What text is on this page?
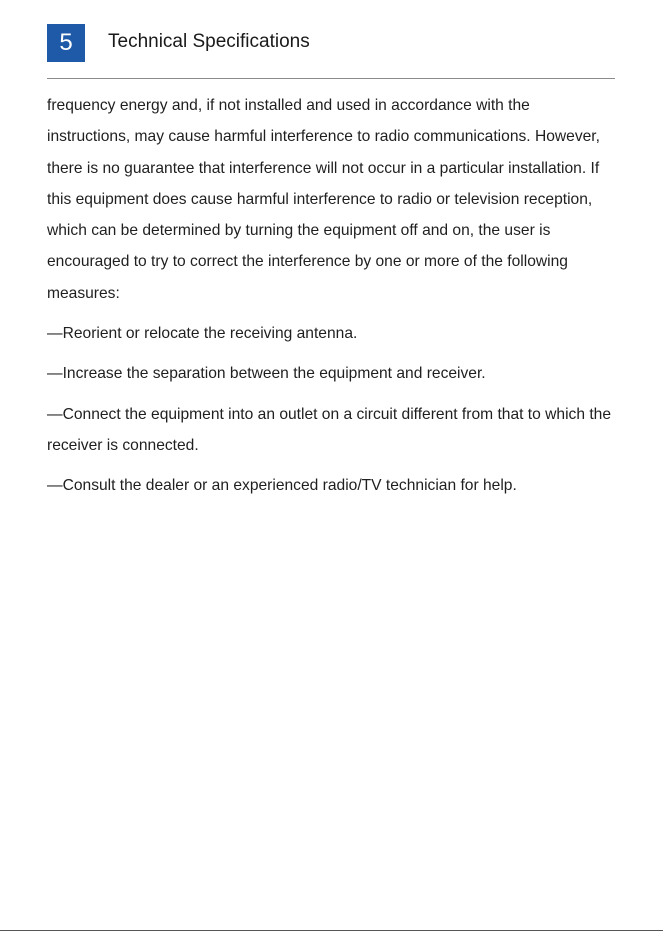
5	Technical Specifications

frequency energy and, if not installed and used in accordance with the instructions, may cause harmful interference to radio communications. However, there is no guarantee that interference will not occur in a particular installation. If this equipment does cause harmful interference to radio or television reception, which can be determined by turning the equipment off and on, the user is encouraged to try to correct the interference by one or more of the following measures:

—Reorient or relocate the receiving antenna.

—Increase the separation between the equipment and receiver.

—Connect the equipment into an outlet on a circuit different from that to which the receiver is connected.

—Consult the dealer or an experienced radio/TV technician for help.
